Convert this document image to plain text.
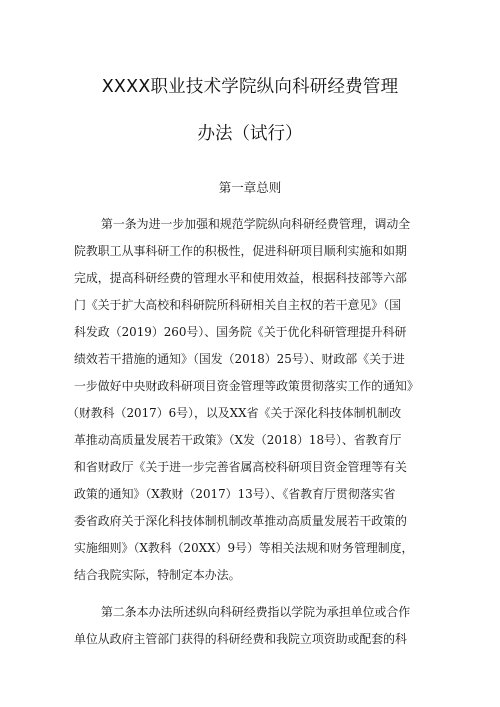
XXXX职业技术学院纵向科研经费管理
办法（试行）
第一章总则
第一条为进一步加强和规范学院纵向科研经费管理，调动全
院教职工从事科研工作的积极性，促进科研项目顺利实施和如期
完成，提高科研经费的管理水平和使用效益，根据科技部等六部
门《关于扩大高校和科研院所科研相关自主权的若干意见》（国
科发政（2019）260号）、国务院《关于优化科研管理提升科研
绩效若干措施的通知》（国发（2018）25号）、财政部《关于进
一步做好中央财政科研项目资金管理等政策贯彻落实工作的通知》
（财教科（2017）6号），以及XX省《关于深化科技体制机制改
革推动高质量发展若干政策》（X发（2018）18号）、省教育厅
和省财政厅《关于进一步完善省属高校科研项目资金管理等有关
政策的通知》（X教财（2017）13号）、《省教育厅贯彻落实省
委省政府关于深化科技体制机制改革推动高质量发展若干政策的
实施细则》（X教科（20XX）9号）等相关法规和财务管理制度，
结合我院实际，特制定本办法。
第二条本办法所述纵向科研经费指以学院为承担单位或合作
单位从政府主管部门获得的科研经费和我院立项资助或配套的科
